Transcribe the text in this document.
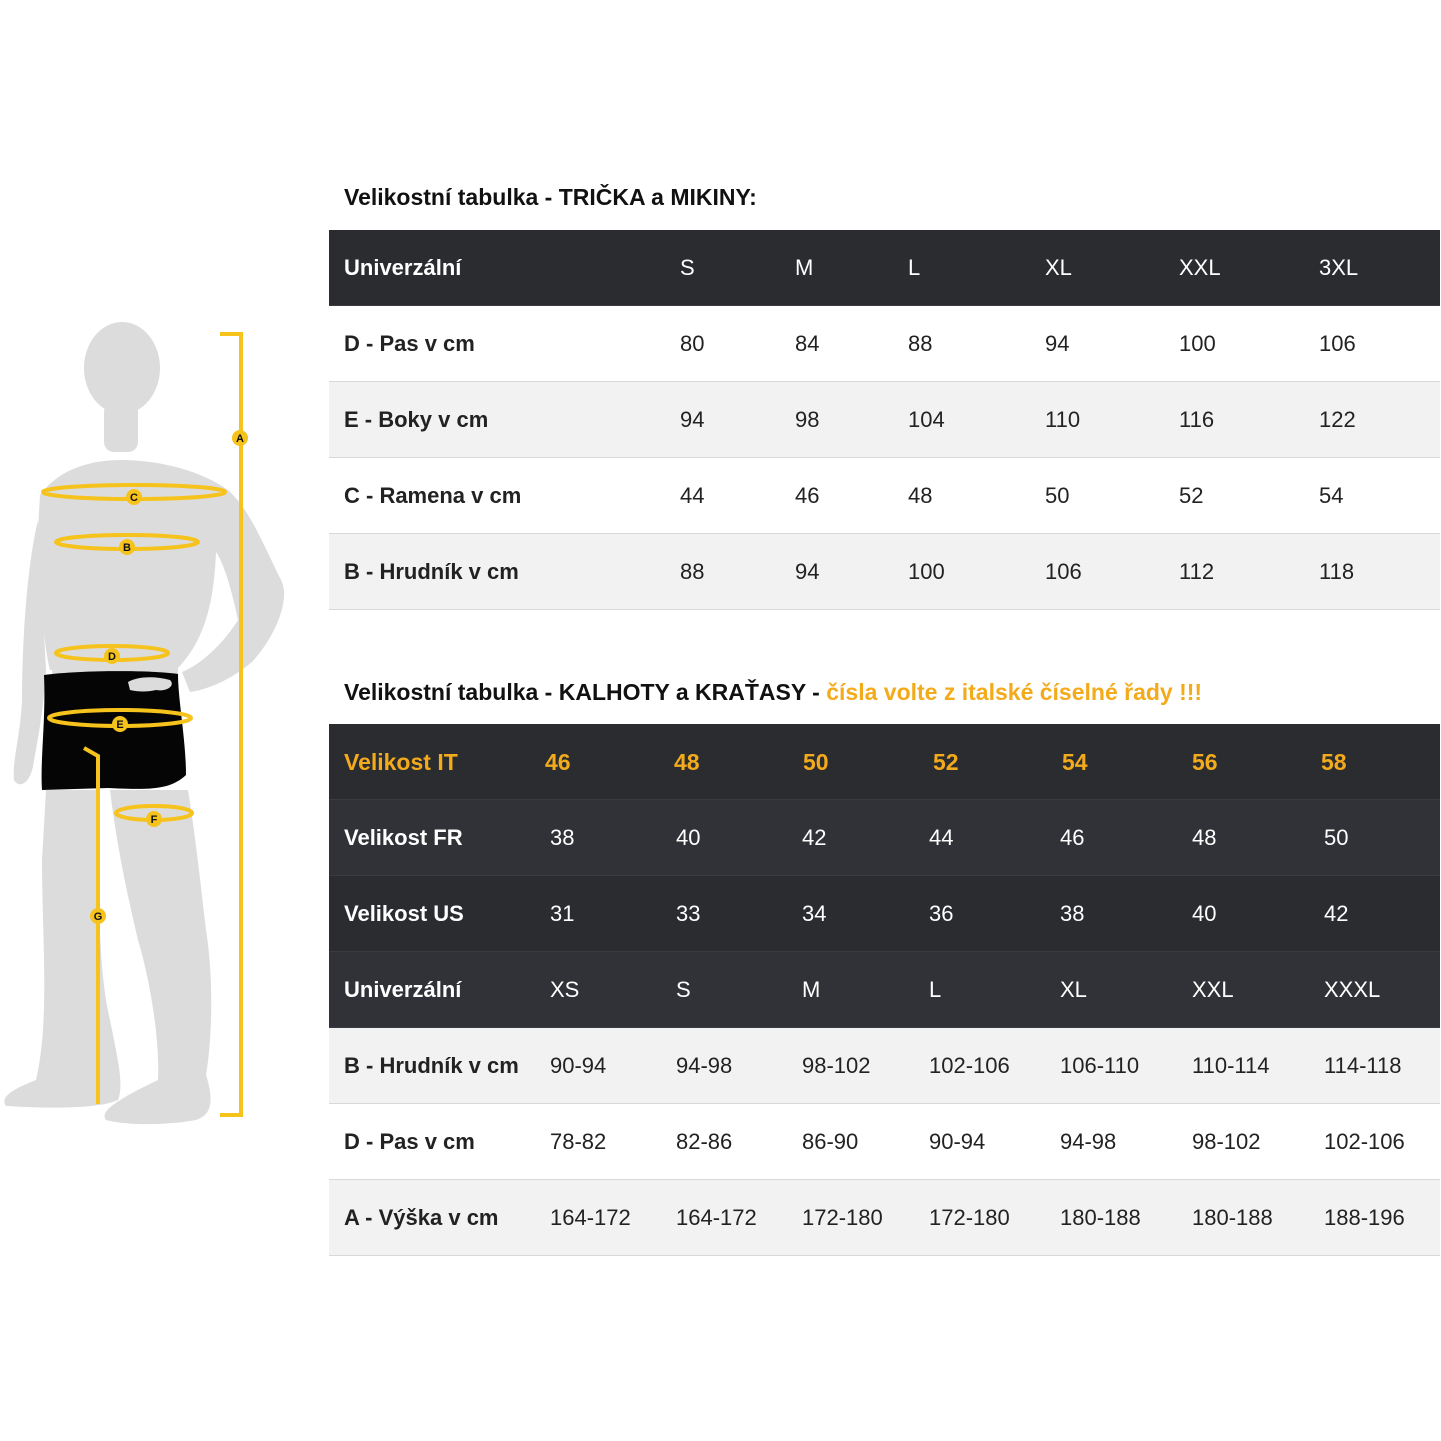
A
C
B
D
E
F
G
Velikostní tabulka - TRIČKA a MIKINY:
Univerzální	S	M	L	XL	XXL	3XL
D - Pas v cm	80	84	88	94	100	106
E - Boky v cm	94	98	104	110	116	122
C - Ramena v cm	44	46	48	50	52	54
B - Hrudník v cm	88	94	100	106	112	118
Velikostní tabulka - KALHOTY a KRAŤASY - čísla volte z italské číselné řady !!!
Velikost IT	46	48	50	52	54	56	58
Velikost FR	38	40	42	44	46	48	50
Velikost US	31	33	34	36	38	40	42
Univerzální	XS	S	M	L	XL	XXL	XXXL
B - Hrudník v cm 90-94	94-98	98-102	102-106 106-110 110-114 114-118
D - Pas v cm	78-82	82-86	86-90	90-94	94-98	98-102	102-106
A - Výška v cm 164-172 164-172 172-180 172-180 180-188 180-188 188-196
